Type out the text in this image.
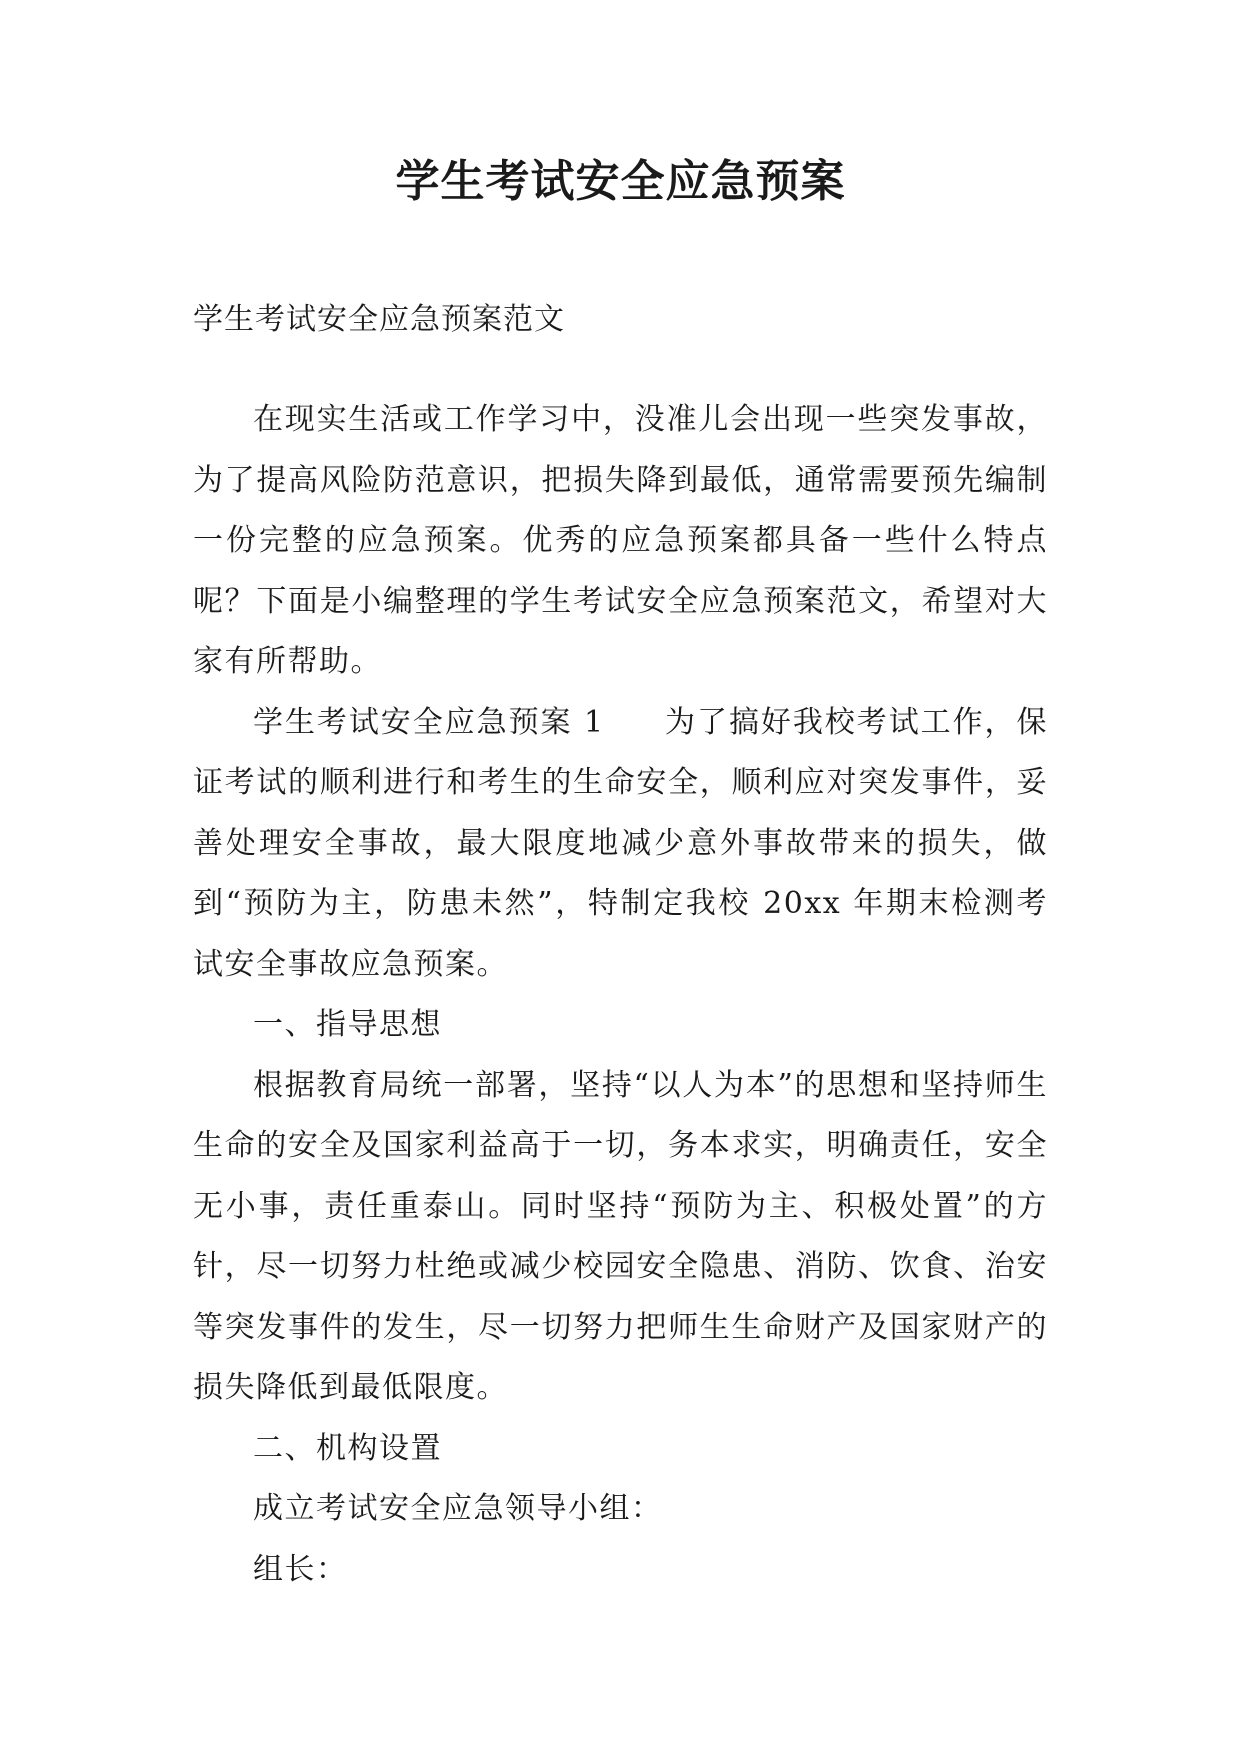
学生考试安全应急预案

学生考试安全应急预案范文

在现实生活或工作学习中，没准儿会出现一些突发事故，为了提高风险防范意识，把损失降到最低，通常需要预先编制一份完整的应急预案。优秀的应急预案都具备一些什么特点呢？下面是小编整理的学生考试安全应急预案范文，希望对大家有所帮助。

学生考试安全应急预案 1 为了搞好我校考试工作，保证考试的顺利进行和考生的生命安全，顺利应对突发事件，妥善处理安全事故，最大限度地减少意外事故带来的损失，做到“预防为主，防患未然”，特制定我校 20xx 年期末检测考试安全事故应急预案。

一、指导思想

根据教育局统一部署，坚持“以人为本”的思想和坚持师生生命的安全及国家利益高于一切，务本求实，明确责任，安全无小事，责任重泰山。同时坚持“预防为主、积极处置”的方针，尽一切努力杜绝或减少校园安全隐患、消防、饮食、治安等突发事件的发生，尽一切努力把师生生命财产及国家财产的损失降低到最低限度。

二、机构设置

成立考试安全应急领导小组：

组长：
